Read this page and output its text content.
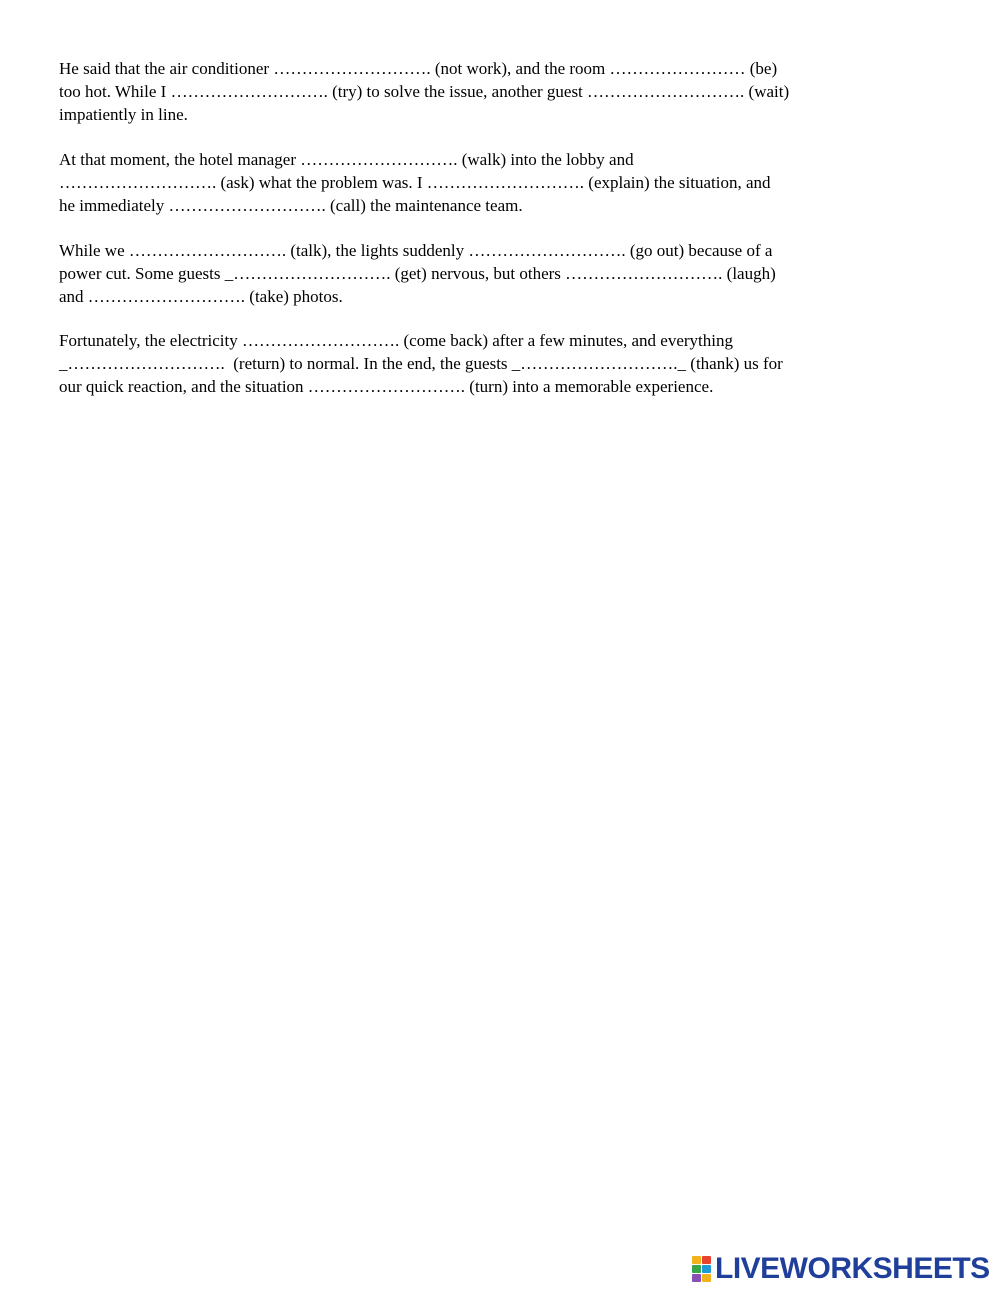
He said that the air conditioner ………………………. (not work), and the room …………………… (be)
too hot. While I ………………………. (try) to solve the issue, another guest ………………………. (wait)
impatiently in line.
At that moment, the hotel manager ………………………. (walk) into the lobby and
………………………. (ask) what the problem was. I ………………………. (explain) the situation, and
he immediately ………………………. (call) the maintenance team.
While we ………………………. (talk), the lights suddenly ………………………. (go out) because of a
power cut. Some guests _………………………. (get) nervous, but others ………………………. (laugh)
and ………………………. (take) photos.
Fortunately, the electricity ………………………. (come back) after a few minutes, and everything
_……………………….  (return) to normal. In the end, the guests _………………………._ (thank) us for
our quick reaction, and the situation ………………………. (turn) into a memorable experience.
LIVEWORKSHEETS
